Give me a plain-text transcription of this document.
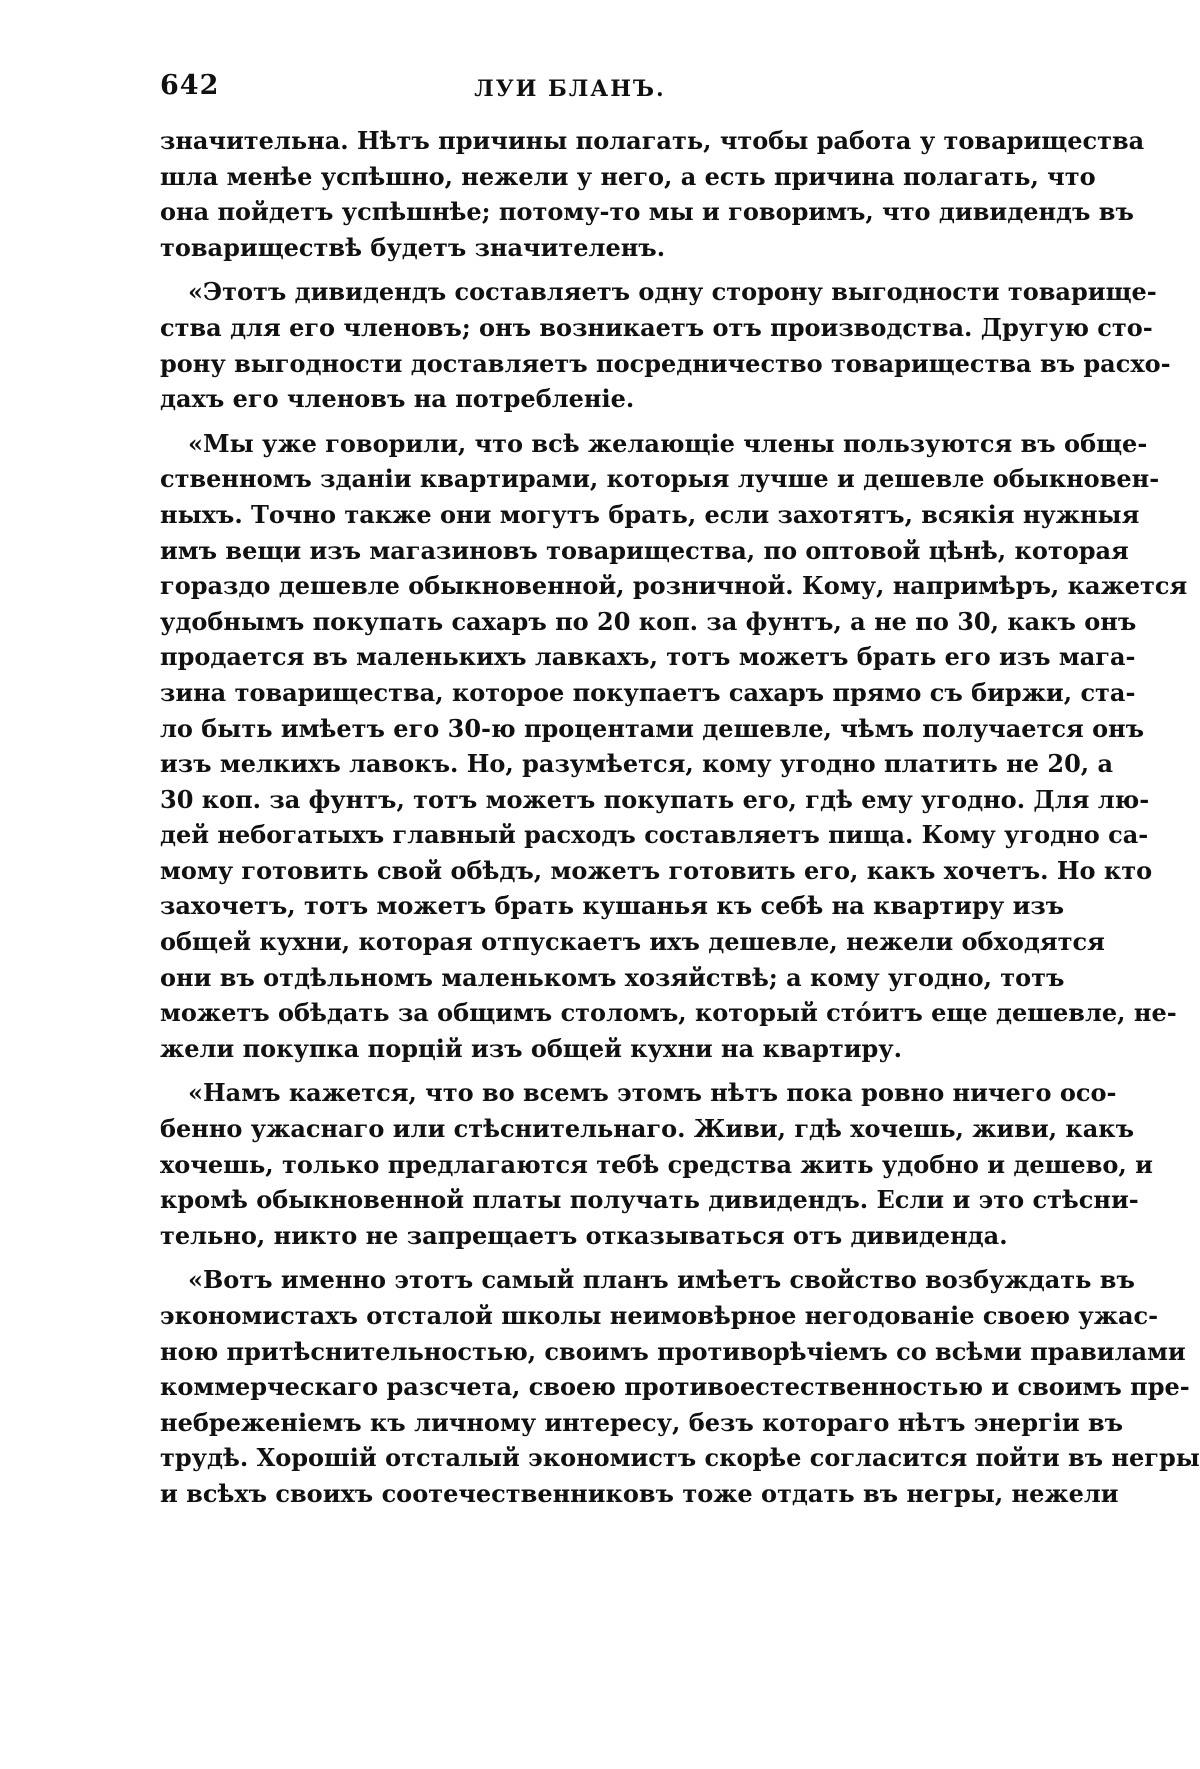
642	ЛУИ БЛАНЪ.
значительна. Нѣтъ причины полагать, чтобы работа у товарищества
шла менѣе успѣшно, нежели у него, а есть причина полагать, что
она пойдетъ успѣшнѣе; потому-то мы и говоримъ, что дивидендъ въ
товариществѣ будетъ значителенъ.
«Этотъ дивидендъ составляетъ одну сторону выгодности товарище-
ства для его членовъ; онъ возникаетъ отъ производства. Другую сто-
рону выгодности доставляетъ посредничество товарищества въ расхо-
дахъ его членовъ на потребленіе.
«Мы уже говорили, что всѣ желающіе члены пользуются въ обще-
ственномъ зданіи квартирами, которыя лучше и дешевле обыкновен-
ныхъ. Точно также они могутъ брать, если захотятъ, всякія нужныя
имъ вещи изъ магазиновъ товарищества, по оптовой цѣнѣ, которая
гораздо дешевле обыкновенной, розничной. Кому, напримѣръ, кажется
удобнымъ покупать сахаръ по 20 коп. за фунтъ, а не по 30, какъ онъ
продается въ маленькихъ лавкахъ, тотъ можетъ брать его изъ мага-
зина товарищества, которое покупаетъ сахаръ прямо съ биржи, ста-
ло быть имѣетъ его 30-ю процентами дешевле, чѣмъ получается онъ
изъ мелкихъ лавокъ. Но, разумѣется, кому угодно платить не 20, а
30 коп. за фунтъ, тотъ можетъ покупать его, гдѣ ему угодно. Для лю-
дей небогатыхъ главный расходъ составляетъ пища. Кому угодно са-
мому готовить свой обѣдъ, можетъ готовить его, какъ хочетъ. Но кто
захочетъ, тотъ можетъ брать кушанья къ себѣ на квартиру изъ
общей кухни, которая отпускаетъ ихъ дешевле, нежели обходятся
они въ отдѣльномъ маленькомъ хозяйствѣ; а кому угодно, тотъ
можетъ обѣдать за общимъ столомъ, который стóитъ еще дешевле, не-
жели покупка порцій изъ общей кухни на квартиру.
«Намъ кажется, что во всемъ этомъ нѣтъ пока ровно ничего осо-
бенно ужаснаго или стѣснительнаго. Живи, гдѣ хочешь, живи, какъ
хочешь, только предлагаются тебѣ средства жить удобно и дешево, и
кромѣ обыкновенной платы получать дивидендъ. Если и это стѣсни-
тельно, никто не запрещаетъ отказываться отъ дивиденда.
«Вотъ именно этотъ самый планъ имѣетъ свойство возбуждать въ
экономистахъ отсталой школы неимовѣрное негодованіе своею ужас-
ною притѣснительностью, своимъ противорѣчіемъ со всѣми правилами
коммерческаго разсчета, своею противоестественностью и своимъ пре-
небреженіемъ къ личному интересу, безъ котораго нѣтъ энергіи въ
трудѣ. Хорошій отсталый экономистъ скорѣе согласится пойти въ негры
и всѣхъ своихъ соотечественниковъ тоже отдать въ негры, нежели
